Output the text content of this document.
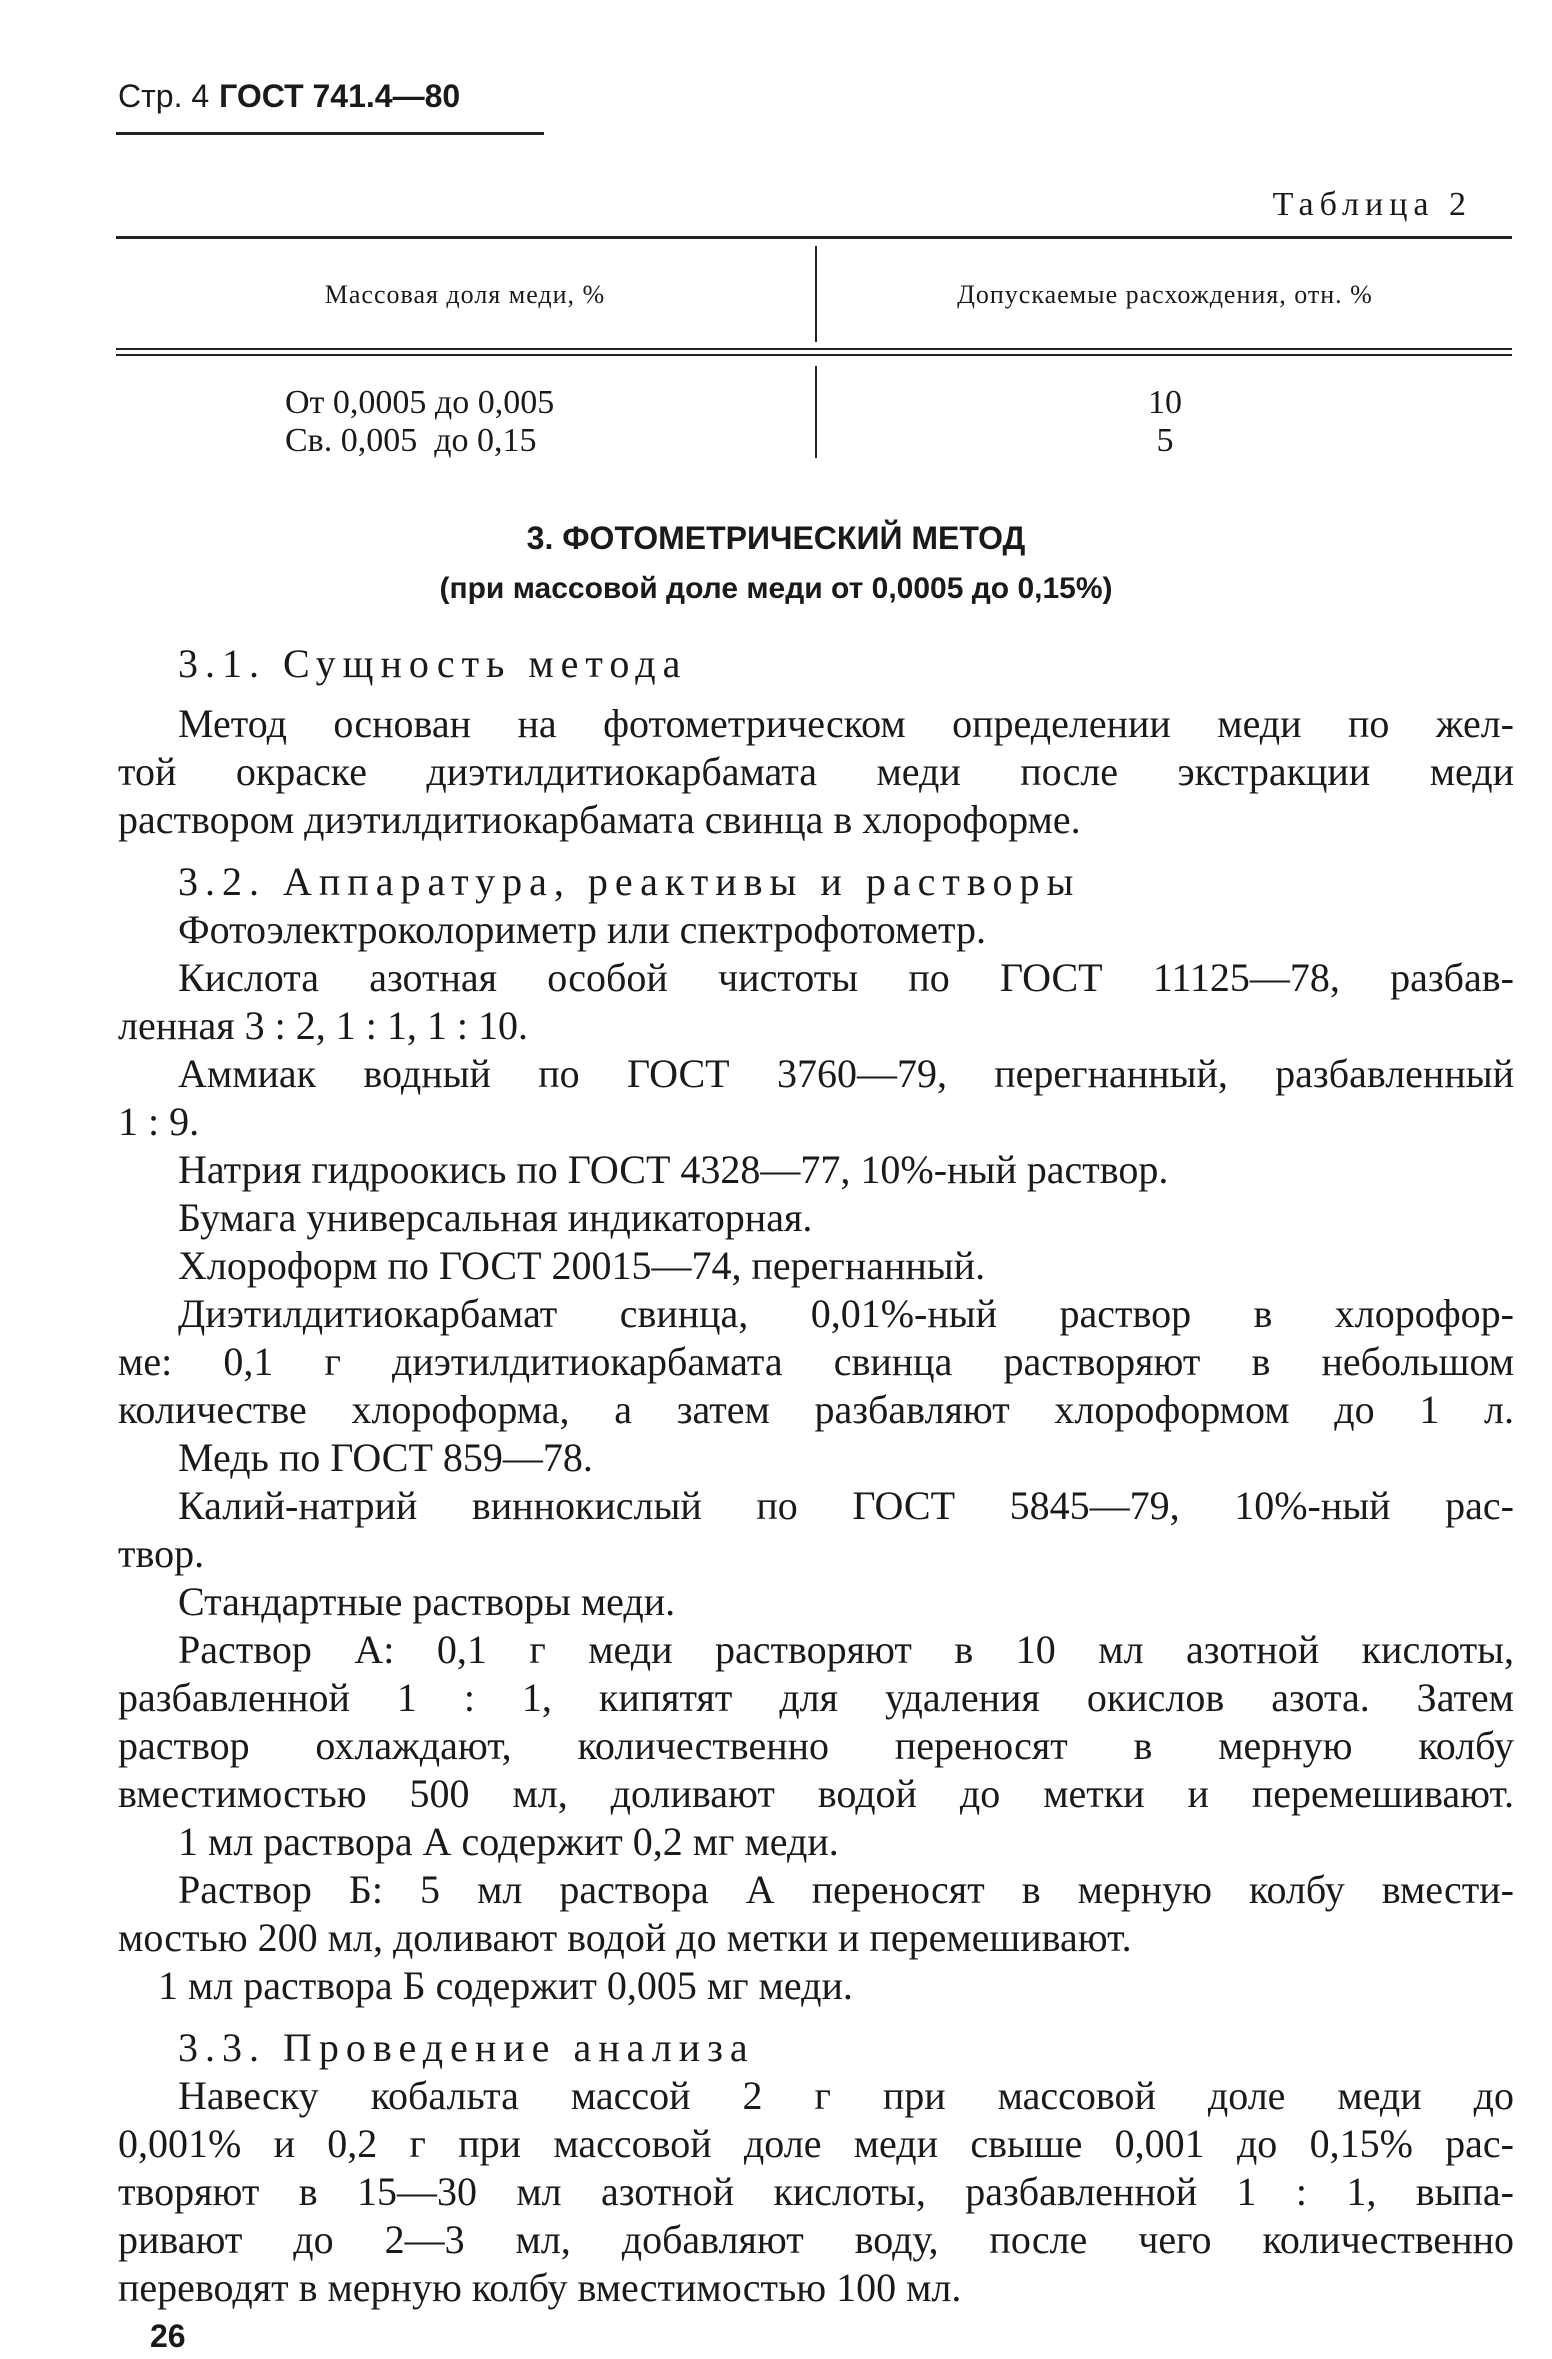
Стр. 4 ГОСТ 741.4—80
Таблица 2
Массовая доля меди, %	Допускаемые расхождения, отн. %
От 0,0005 до 0,005	10
Св. 0,005  до 0,15	5
3. ФОТОМЕТРИЧЕСКИЙ МЕТОД
(при массовой доле меди от 0,0005 до 0,15%)
3.1. Сущность метода
Метод основан на фотометрическом определении меди по жел-
той окраске диэтилдитиокарбамата меди после экстракции меди
раствором диэтилдитиокарбамата свинца в хлороформе.
3.2. Аппаратура, реактивы и растворы
Фотоэлектроколориметр или спектрофотометр.
Кислота азотная особой чистоты по ГОСТ 11125—78, разбав-
ленная 3 : 2, 1 : 1, 1 : 10.
Аммиак водный по ГОСТ 3760—79, перегнанный, разбавленный
1 : 9.
Натрия гидроокись по ГОСТ 4328—77, 10%-ный раствор.
Бумага универсальная индикаторная.
Хлороформ по ГОСТ 20015—74, перегнанный.
Диэтилдитиокарбамат свинца, 0,01%-ный раствор в хлорофор-
ме: 0,1 г диэтилдитиокарбамата свинца растворяют в небольшом
количестве хлороформа, а затем разбавляют хлороформом до 1 л.
Медь по ГОСТ 859—78.
Калий-натрий виннокислый по ГОСТ 5845—79, 10%-ный рас-
твор.
Стандартные растворы меди.
Раствор А: 0,1 г меди растворяют в 10 мл азотной кислоты,
разбавленной 1 : 1, кипятят для удаления окислов азота. Затем
раствор охлаждают, количественно переносят в мерную колбу
вместимостью 500 мл, доливают водой до метки и перемешивают.
1 мл раствора А содержит 0,2 мг меди.
Раствор Б: 5 мл раствора А переносят в мерную колбу вмести-
мостью 200 мл, доливают водой до метки и перемешивают.
1 мл раствора Б содержит 0,005 мг меди.
3.3. Проведение анализа
Навеску кобальта массой 2 г при массовой доле меди до
0,001% и 0,2 г при массовой доле меди свыше 0,001 до 0,15% рас-
творяют в 15—30 мл азотной кислоты, разбавленной 1 : 1, выпа-
ривают до 2—3 мл, добавляют воду, после чего количественно
переводят в мерную колбу вместимостью 100 мл.
26
